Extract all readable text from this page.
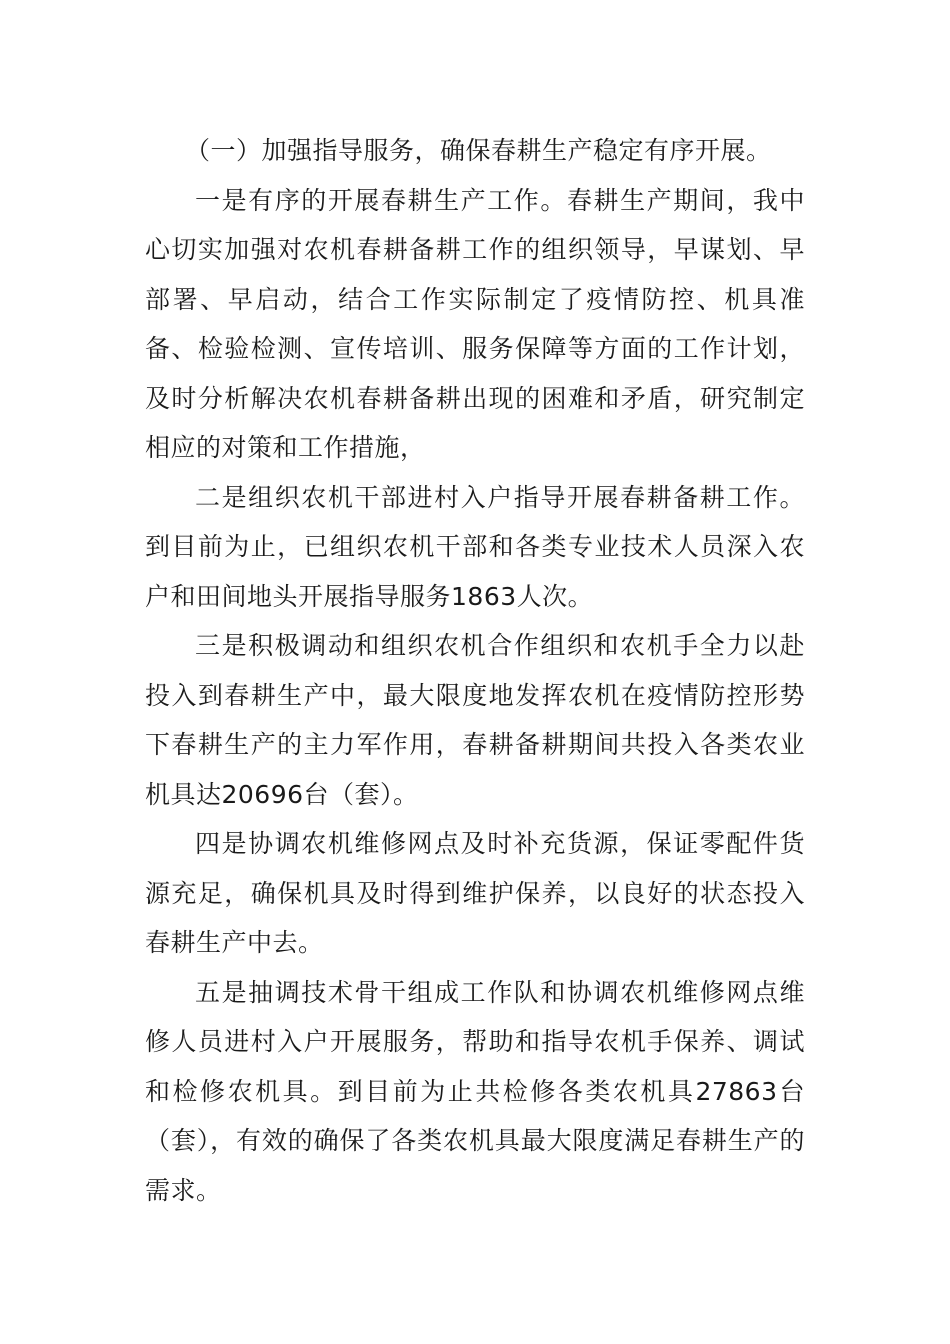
（一）加强指导服务，确保春耕生产稳定有序开展。

一是有序的开展春耕生产工作。春耕生产期间，我中心切实加强对农机春耕备耕工作的组织领导，早谋划、早部署、早启动，结合工作实际制定了疫情防控、机具准备、检验检测、宣传培训、服务保障等方面的工作计划，及时分析解决农机春耕备耕出现的困难和矛盾，研究制定相应的对策和工作措施，

二是组织农机干部进村入户指导开展春耕备耕工作。到目前为止，已组织农机干部和各类专业技术人员深入农户和田间地头开展指导服务1863人次。

三是积极调动和组织农机合作组织和农机手全力以赴投入到春耕生产中，最大限度地发挥农机在疫情防控形势下春耕生产的主力军作用，春耕备耕期间共投入各类农业机具达20696台（套）。

四是协调农机维修网点及时补充货源，保证零配件货源充足，确保机具及时得到维护保养，以良好的状态投入春耕生产中去。

五是抽调技术骨干组成工作队和协调农机维修网点维修人员进村入户开展服务，帮助和指导农机手保养、调试和检修农机具。到目前为止共检修各类农机具27863台（套），有效的确保了各类农机具最大限度满足春耕生产的需求。
